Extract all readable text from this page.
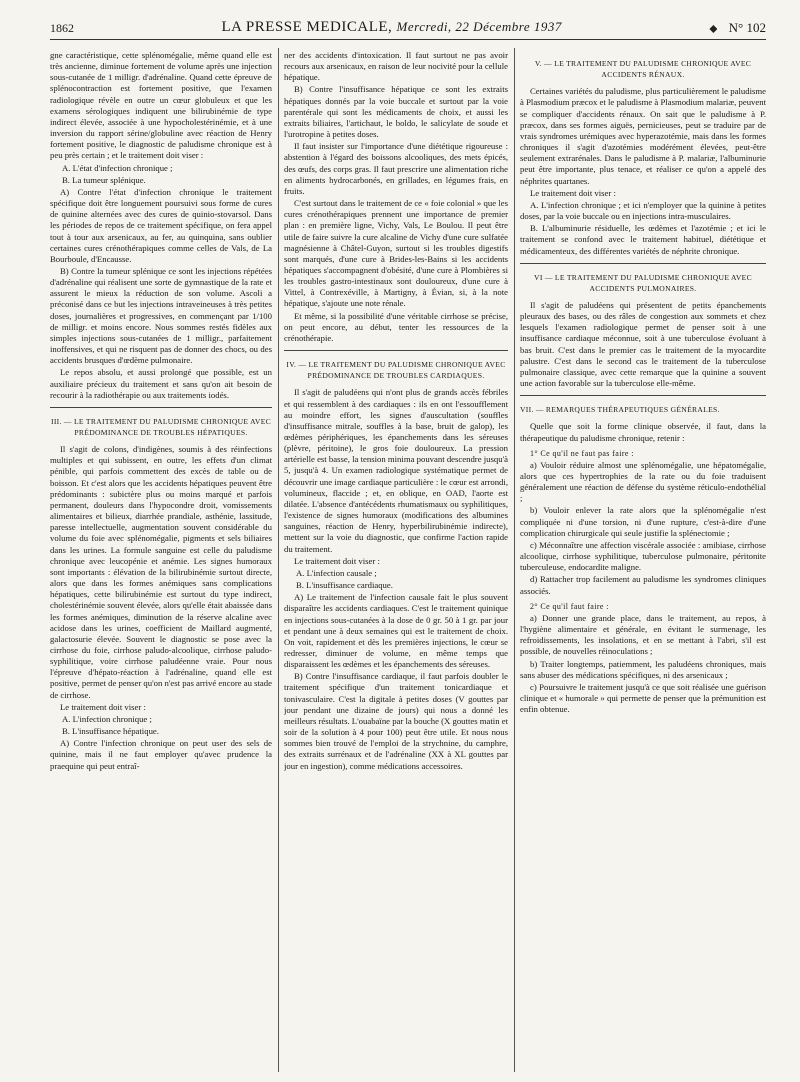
1862	LA PRESSE MEDICALE, Mercredi, 22 Décembre 1937	N° 102

gne caractéristique, cette splénomégalie, même quand elle est très ancienne, diminue fortement de volume après une injection sous-cutanée de 1 milligr. d'adrénaline. Quand cette épreuve de splénocontraction est fortement positive, que l'examen radiologique révèle en outre un cœur globuleux et que les examens sérologiques indiquent une bilirubinémie de type indirect élevée, associée à une hypocholestérinémie, et à une inversion du rapport sérine/globuline avec réaction de Henry fortement positive, le diagnostic de paludisme chronique est à peu près certain ; et le traitement doit viser :

A. L'état d'infection chronique ;

B. La tumeur splénique.

A) Contre l'état d'infection chronique le traitement spécifique doit être longuement poursuivi sous forme de cures de quinine alternées avec des cures de quinio-stovarsol. Dans les périodes de repos de ce traitement spécifique, on fera appel tout à tour aux arsenicaux, au fer, au quinquina, sans oublier certaines cures crénothérapiques comme celles de Vals, de La Bourboule, d'Encausse.

B) Contre la tumeur splénique ce sont les injections répétées d'adrénaline qui réalisent une sorte de gymnastique de la rate et assurent le mieux la réduction de son volume. Ascoli a préconisé dans ce but les injections intraveineuses à très petites doses, journalières et progressives, en commençant par 1/100 de milligr. et moins encore. Nous sommes restés fidèles aux simples injections sous-cutanées de 1 milligr., parfaitement inoffensives, et qui ne risquent pas de donner des chocs, ou des accidents brusques d'œdème pulmonaire.

Le repos absolu, et aussi prolongé que possible, est un auxiliaire précieux du traitement et sans qu'on ait besoin de recourir à la radiothérapie ou aux traitements iodés.

III. — LE TRAITEMENT DU PALUDISME CHRONIQUE AVEC PRÉDOMINANCE DE TROUBLES HÉPATIQUES.

Il s'agit de colons, d'indigènes, soumis à des réinfections multiples et qui subissent, en outre, les effets d'un climat pénible, qui parfois commettent des excès de table ou de boisson. Et c'est alors que les accidents hépatiques peuvent être prédominants : subictère plus ou moins marqué et parfois permanent, douleurs dans l'hypocondre droit, vomissements alimentaires et bilieux, diarrhée prandiale, asthénie, lassitude, paresse intellectuelle, augmentation souvent considérable du volume du foie avec splénomégalie, pigments et sels biliaires dans les urines. La formule sanguine est celle du paludisme chronique avec leucopénie et anémie. Les signes humoraux sont importants : élévation de la bilirubinémie surtout directe, alors que dans les formes anémiques sans complications hépatiques, cette bilirubinémie est surtout du type indirect, cholestérinémie souvent élevée, alors qu'elle était abaissée dans les formes anémiques, diminution de la réserve alcaline avec acidose dans les urines, coefficient de Maillard augmenté, galactosurie élevée. Souvent le diagnostic se pose avec la cirrhose du foie, cirrhose paludo-alcoolique, cirrhose paludo-syphilitique, voire cirrhose paludéenne vraie. Pour nous l'épreuve d'hépato-réaction à l'adrénaline, quand elle est positive, permet de penser qu'on n'est pas arrivé encore au stade de cirrhose.

Le traitement doit viser :

A. L'infection chronique ;

B. L'insuffisance hépatique.

A) Contre l'infection chronique on peut user des sels de quinine, mais il ne faut employer qu'avec prudence la praequine qui peut entraî-

ner des accidents d'intoxication. Il faut surtout ne pas avoir recours aux arsenicaux, en raison de leur nocivité pour la cellule hépatique.

B) Contre l'insuffisance hépatique ce sont les extraits hépatiques donnés par la voie buccale et surtout par la voie parentérale qui sont les médicaments de choix, et aussi les extraits biliaires, l'artichaut, le boldo, le salicylate de soude et l'urotropine à petites doses.

Il faut insister sur l'importance d'une diététique rigoureuse : abstention à l'égard des boissons alcooliques, des mets épicés, des œufs, des corps gras. Il faut prescrire une alimentation riche en aliments hydrocarbonés, en grillades, en légumes frais, en fruits.

C'est surtout dans le traitement de ce « foie colonial » que les cures crénothérapiques prennent une importance de premier plan : en première ligne, Vichy, Vals, Le Boulou. Il peut être utile de faire suivre la cure alcaline de Vichy d'une cure sulfatée magnésienne à Châtel-Guyon, surtout si les troubles digestifs sont marqués, d'une cure à Brides-les-Bains si les accidents hépatiques s'accompagnent d'obésité, d'une cure à Plombières si les troubles gastro-intestinaux sont douloureux, d'une cure à Vittel, à Contrexéville, à Martigny, à Évian, si, à la note hépatique, s'ajoute une note rénale.

Et même, si la possibilité d'une véritable cirrhose se précise, on peut encore, au début, tenter les ressources de la crénothérapie.

IV. — LE TRAITEMENT DU PALUDISME CHRONIQUE AVEC PRÉDOMINANCE DE TROUBLES CARDIAQUES.

Il s'agit de paludéens qui n'ont plus de grands accès fébriles et qui ressemblent à des cardiaques : ils en ont l'essoufflement au moindre effort, les signes d'auscultation (souffles d'insuffisance mitrale, souffles à la base, bruit de galop), les œdèmes périphériques, les épanchements dans les séreuses (plèvre, péritoine), le gros foie douloureux. La pression artérielle est basse, la tension minima pouvant descendre jusqu'à 5, jusqu'à 4. Un examen radiologique systématique permet de découvrir une image cardiaque particulière : le cœur est arrondi, volumineux, flaccide ; et, en oblique, en OAD, l'aorte est dilatée. L'absence d'antécédents rhumatismaux ou syphilitiques, l'existence de signes humoraux (modifications des albumines sanguines, réaction de Henry, hyperbilirubinémie indirecte), mettent sur la voie du diagnostic, que confirme l'action rapide du traitement.

Le traitement doit viser :

A. L'infection causale ;

B. L'insuffisance cardiaque.

A) Le traitement de l'infection causale fait le plus souvent disparaître les accidents cardiaques. C'est le traitement quinique en injections sous-cutanées à la dose de 0 gr. 50 à 1 gr. par jour et pendant une à deux semaines qui est le traitement de choix. On voit, rapidement et dès les premières injections, le cœur se redresser, diminuer de volume, en même temps que disparaissent les œdèmes et les épanchements des séreuses.

B) Contre l'insuffisance cardiaque, il faut parfois doubler le traitement spécifique d'un traitement tonicardiaque et tonivasculaire. C'est la digitale à petites doses (V gouttes par jour pendant une dizaine de jours) qui nous a donné les meilleurs résultats. L'ouabaïne par la bouche (X gouttes matin et soir de la solution à 4 pour 100) peut être utile. Et nous nous sommes bien trouvé de l'emploi de la strychnine, du camphre, des extraits surrénaux et de l'adrénaline (XX à XL gouttes par jour en ingestion), comme médications accessoires.

V. — LE TRAITEMENT DU PALUDISME CHRONIQUE AVEC ACCIDENTS RÉNAUX.

Certaines variétés du paludisme, plus particulièrement le paludisme à Plasmodium præcox et le paludisme à Plasmodium malariæ, peuvent se compliquer d'accidents rénaux. On sait que le paludisme à P. præcox, dans ses formes aiguës, pernicieuses, peut se traduire par de vrais syndromes urémiques avec hyperazotémie, mais dans les formes chroniques il s'agit d'azotémies modérément élevées, peut-être seulement extrarénales. Dans le paludisme à P. malariæ, l'albuminurie peut être importante, plus tenace, et réaliser ce qu'on a appelé des néphrites quartanes.

Le traitement doit viser :

A. L'infection chronique ; et ici n'employer que la quinine à petites doses, par la voie buccale ou en injections intra-musculaires.

B. L'albuminurie résiduelle, les œdèmes et l'azotémie ; et ici le traitement se confond avec le traitement habituel, diététique et médicamenteux, des différentes variétés de néphrite chronique.

VI — LE TRAITEMENT DU PALUDISME CHRONIQUE AVEC ACCIDENTS PULMONAIRES.

Il s'agit de paludéens qui présentent de petits épanchements pleuraux des bases, ou des râles de congestion aux sommets et chez lesquels l'examen radiologique permet de penser soit à une insuffisance cardiaque méconnue, soit à une tuberculose évoluant à bas bruit. C'est dans le premier cas le traitement de la myocardite palustre. C'est dans le second cas le traitement de la tuberculose pulmonaire classique, avec cette remarque que la quinine a souvent une action favorable sur la tuberculose elle-même.

VII. — REMARQUES THÉRAPEUTIQUES GÉNÉRALES.

Quelle que soit la forme clinique observée, il faut, dans la thérapeutique du paludisme chronique, retenir :

1° Ce qu'il ne faut pas faire :

a) Vouloir réduire almost une splénomégalie, une hépatomégalie, alors que ces hypertrophies de la rate ou du foie traduisent généralement une réaction de défense du système réticulo-endothélial ;

b) Vouloir enlever la rate alors que la splénomégalie n'est compliquée ni d'une torsion, ni d'une rupture, c'est-à-dire d'une complication chirurgicale qui seule justifie la splénectomie ;

c) Méconnaître une affection viscérale associée : amibiase, cirrhose alcoolique, cirrhose syphilitique, tuberculose pulmonaire, péritonite tuberculeuse, endocardite maligne.

d) Rattacher trop facilement au paludisme les syndromes cliniques associés.

2° Ce qu'il faut faire :

a) Donner une grande place, dans le traitement, au repos, à l'hygiène alimentaire et générale, en évitant le surmenage, les refroidissements, les insolations, et en se mettant à l'abri, s'il est possible, de nouvelles réinoculations ;

b) Traiter longtemps, patiemment, les paludéens chroniques, mais sans abuser des médications spécifiques, ni des arsenicaux ;

c) Poursuivre le traitement jusqu'à ce que soit réalisée une guérison clinique et « humorale » qui permette de penser que la prémunition est enfin obtenue.
